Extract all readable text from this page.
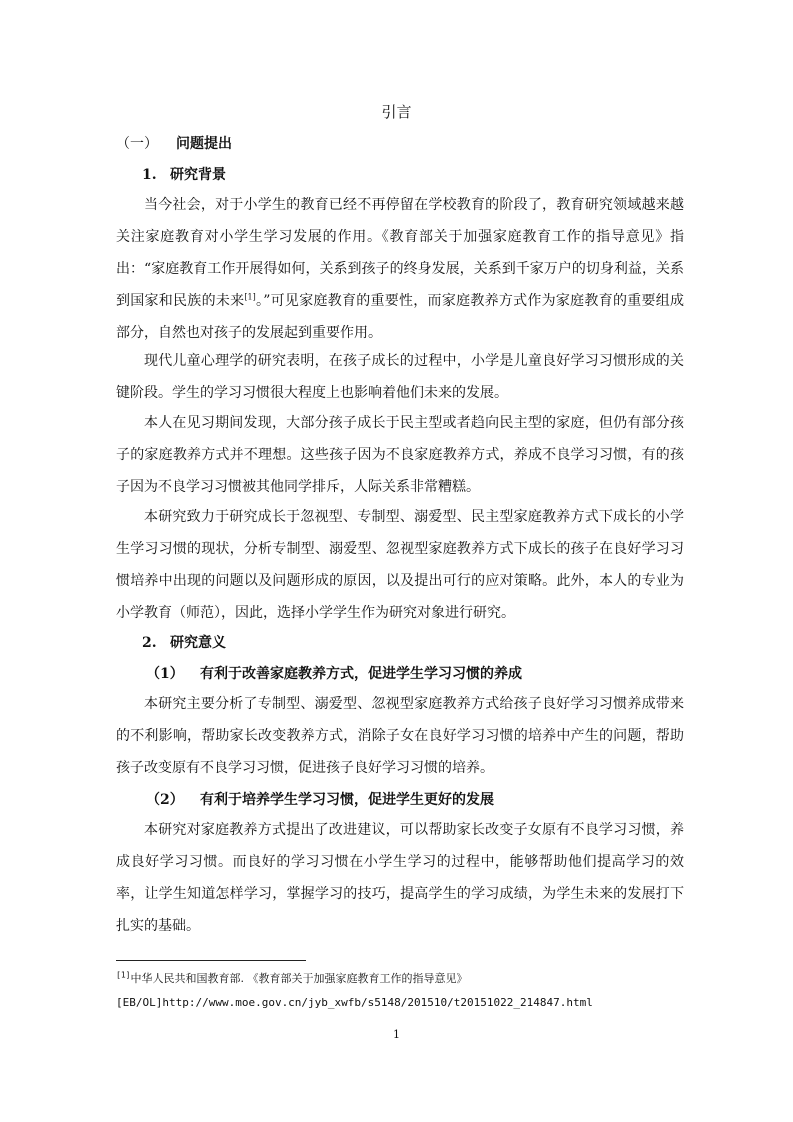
引言
（一） 问题提出
1. 研究背景

当今社会，对于小学生的教育已经不再停留在学校教育的阶段了，教育研究领域越来越关注家庭教育对小学生学习发展的作用。《教育部关于加强家庭教育工作的指导意见》指出：“家庭教育工作开展得如何，关系到孩子的终身发展，关系到千家万户的切身利益，关系到国家和民族的未来[1]。”可见家庭教育的重要性，而家庭教养方式作为家庭教育的重要组成部分，自然也对孩子的发展起到重要作用。

现代儿童心理学的研究表明，在孩子成长的过程中，小学是儿童良好学习习惯形成的关键阶段。学生的学习习惯很大程度上也影响着他们未来的发展。

本人在见习期间发现，大部分孩子成长于民主型或者趋向民主型的家庭，但仍有部分孩子的家庭教养方式并不理想。这些孩子因为不良家庭教养方式，养成不良学习习惯，有的孩子因为不良学习习惯被其他同学排斥，人际关系非常糟糕。

本研究致力于研究成长于忽视型、专制型、溺爱型、民主型家庭教养方式下成长的小学生学习习惯的现状，分析专制型、溺爱型、忽视型家庭教养方式下成长的孩子在良好学习习惯培养中出现的问题以及问题形成的原因，以及提出可行的应对策略。此外，本人的专业为小学教育（师范），因此，选择小学学生作为研究对象进行研究。

2. 研究意义
（1） 有利于改善家庭教养方式，促进学生学习习惯的养成

本研究主要分析了专制型、溺爱型、忽视型家庭教养方式给孩子良好学习习惯养成带来的不利影响，帮助家长改变教养方式，消除子女在良好学习习惯的培养中产生的问题，帮助孩子改变原有不良学习习惯，促进孩子良好学习习惯的培养。

（2） 有利于培养学生学习习惯，促进学生更好的发展

本研究对家庭教养方式提出了改进建议，可以帮助家长改变子女原有不良学习习惯，养成良好学习习惯。而良好的学习习惯在小学生学习的过程中，能够帮助他们提高学习的效率，让学生知道怎样学习，掌握学习的技巧，提高学生的学习成绩，为学生未来的发展打下扎实的基础。

[1]中华人民共和国教育部. 《教育部关于加强家庭教育工作的指导意见》
[EB/OL]http://www.moe.gov.cn/jyb_xwfb/s5148/201510/t20151022_214847.html
1
